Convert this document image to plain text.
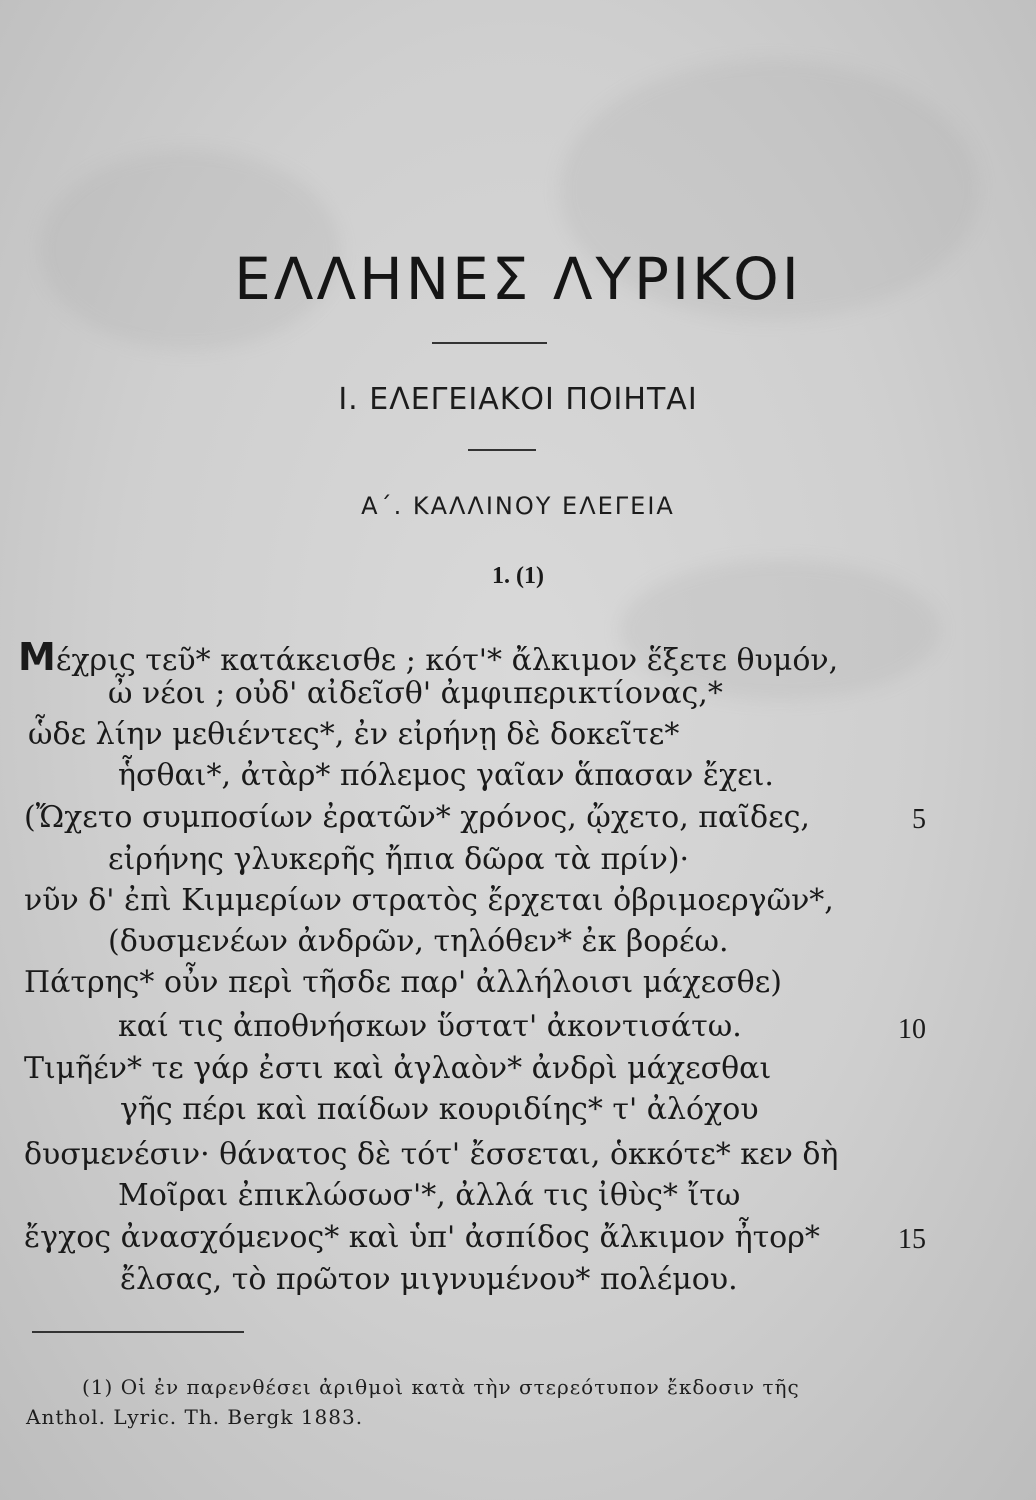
ΕΛΛΗΝΕΣ ΛΥΡΙΚΟΙ
Ι. ΕΛΕΓΕΙΑΚΟΙ ΠΟΙΗΤΑΙ
Α΄. ΚΑΛΛΙΝΟΥ ΕΛΕΓΕΙΑ
1. (1)
Μέχρις τεῦ* κατάκεισθε ; κότ'* ἄλκιμον ἕξετε θυμόν,
ὦ νέοι ; οὐδ' αἰδεῖσθ' ἀμφιπερικτίονας,*
ὧδε λίην μεθιέντες*, ἐν εἰρήνῃ δὲ δοκεῖτε*
ἧσθαι*, ἀτὰρ* πόλεμος γαῖαν ἅπασαν ἔχει.
(Ὤχετο συμποσίων ἐρατῶν* χρόνος, ᾤχετο, παῖδες,	5
εἰρήνης γλυκερῆς ἤπια δῶρα τὰ πρίν)·
νῦν δ' ἐπὶ Κιμμερίων στρατὸς ἔρχεται ὀβριμοεργῶν*,
(δυσμενέων ἀνδρῶν, τηλόθεν* ἐκ βορέω.
Πάτρης* οὖν περὶ τῆσδε παρ' ἀλλήλοισι μάχεσθε)
καί τις ἀποθνήσκων ὕστατ' ἀκοντισάτω.	10
Τιμῆέν* τε γάρ ἐστι καὶ ἀγλαὸν* ἀνδρὶ μάχεσθαι
γῆς πέρι καὶ παίδων κουριδίης* τ' ἀλόχου
δυσμενέσιν· θάνατος δὲ τότ' ἔσσεται, ὁκκότε* κεν δὴ
Μοῖραι ἐπικλώσωσ'*, ἀλλά τις ἰθὺς* ἴτω
ἔγχος ἀνασχόμενος* καὶ ὑπ' ἀσπίδος ἄλκιμον ἦτορ*	15
ἔλσας, τὸ πρῶτον μιγνυμένου* πολέμου.
(1) Οἱ ἐν παρενθέσει ἀριθμοὶ κατὰ τὴν στερεότυπον ἔκδοσιν τῆς
Anthol. Lyric. Th. Bergk 1883.
